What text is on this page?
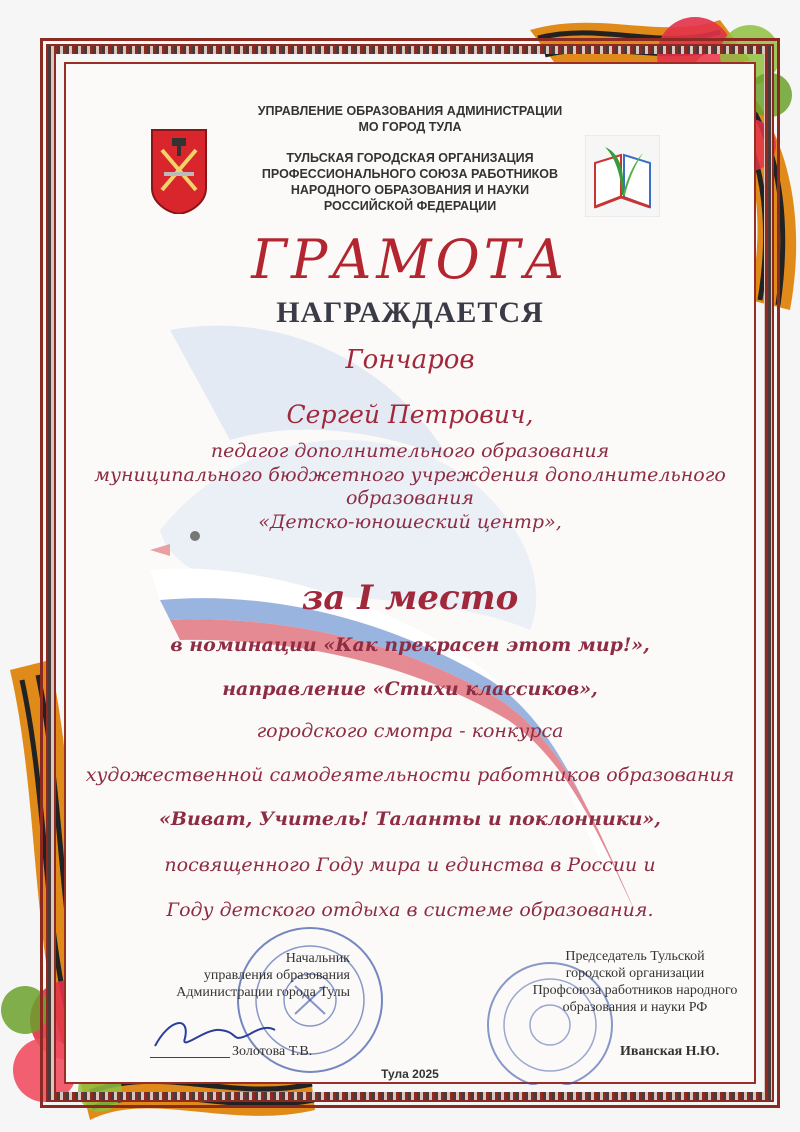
УПРАВЛЕНИЕ ОБРАЗОВАНИЯ АДМИНИСТРАЦИИ
МО ГОРОД ТУЛА
ТУЛЬСКАЯ ГОРОДСКАЯ ОРГАНИЗАЦИЯ
ПРОФЕССИОНАЛЬНОГО СОЮЗА РАБОТНИКОВ
НАРОДНОГО ОБРАЗОВАНИЯ И НАУКИ
РОССИЙСКОЙ ФЕДЕРАЦИИ
ГРАМОТА
НАГРАЖДАЕТСЯ
Гончаров
Сергей Петрович,
педагог дополнительного образования
муниципального бюджетного учреждения дополнительного
образования
«Детско-юношеский центр»,
за I место
в номинации «Как прекрасен этот мир!»,
направление «Стихи классиков»,
городского смотра - конкурса
художественной самодеятельности работников образования
«Виват, Учитель! Таланты и поклонники»,
посвященного Году мира и единства в России и
Году детского отдыха в системе образования.
Начальник
управления образования
Администрации города Тулы
Золотова Т.В.
Председатель Тульской
городской организации
Профсоюза работников народного
образования и науки РФ
Иванская Н.Ю.
Тула 2025
